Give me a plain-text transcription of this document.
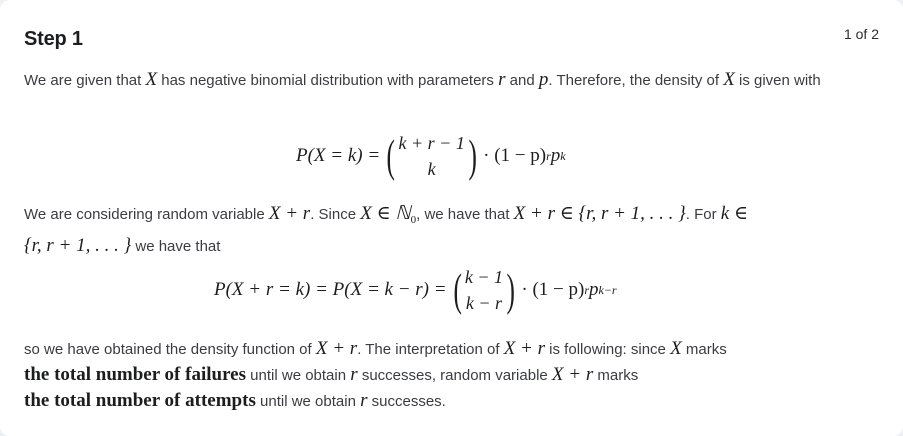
Step 1	1 of 2
We are given that X has negative binomial distribution with parameters r and p. Therefore, the density of X is given with
P(X = k) = ( k + r − 1
k ) · (1 − p) r p k
We are considering random variable X + r. Since X ∈ ℕ$_0$, we have that X + r ∈ {r, r + 1, . . . }. For k ∈
{r, r + 1, . . . } we have that
P(X + r = k) = P(X = k − r) = ( k − 1
k − r ) · (1 − p) r p k−r
so we have obtained the density function of X + r. The interpretation of X + r is following: since X marks
the total number of failures until we obtain r successes, random variable X + r marks
the total number of attempts until we obtain r successes.
